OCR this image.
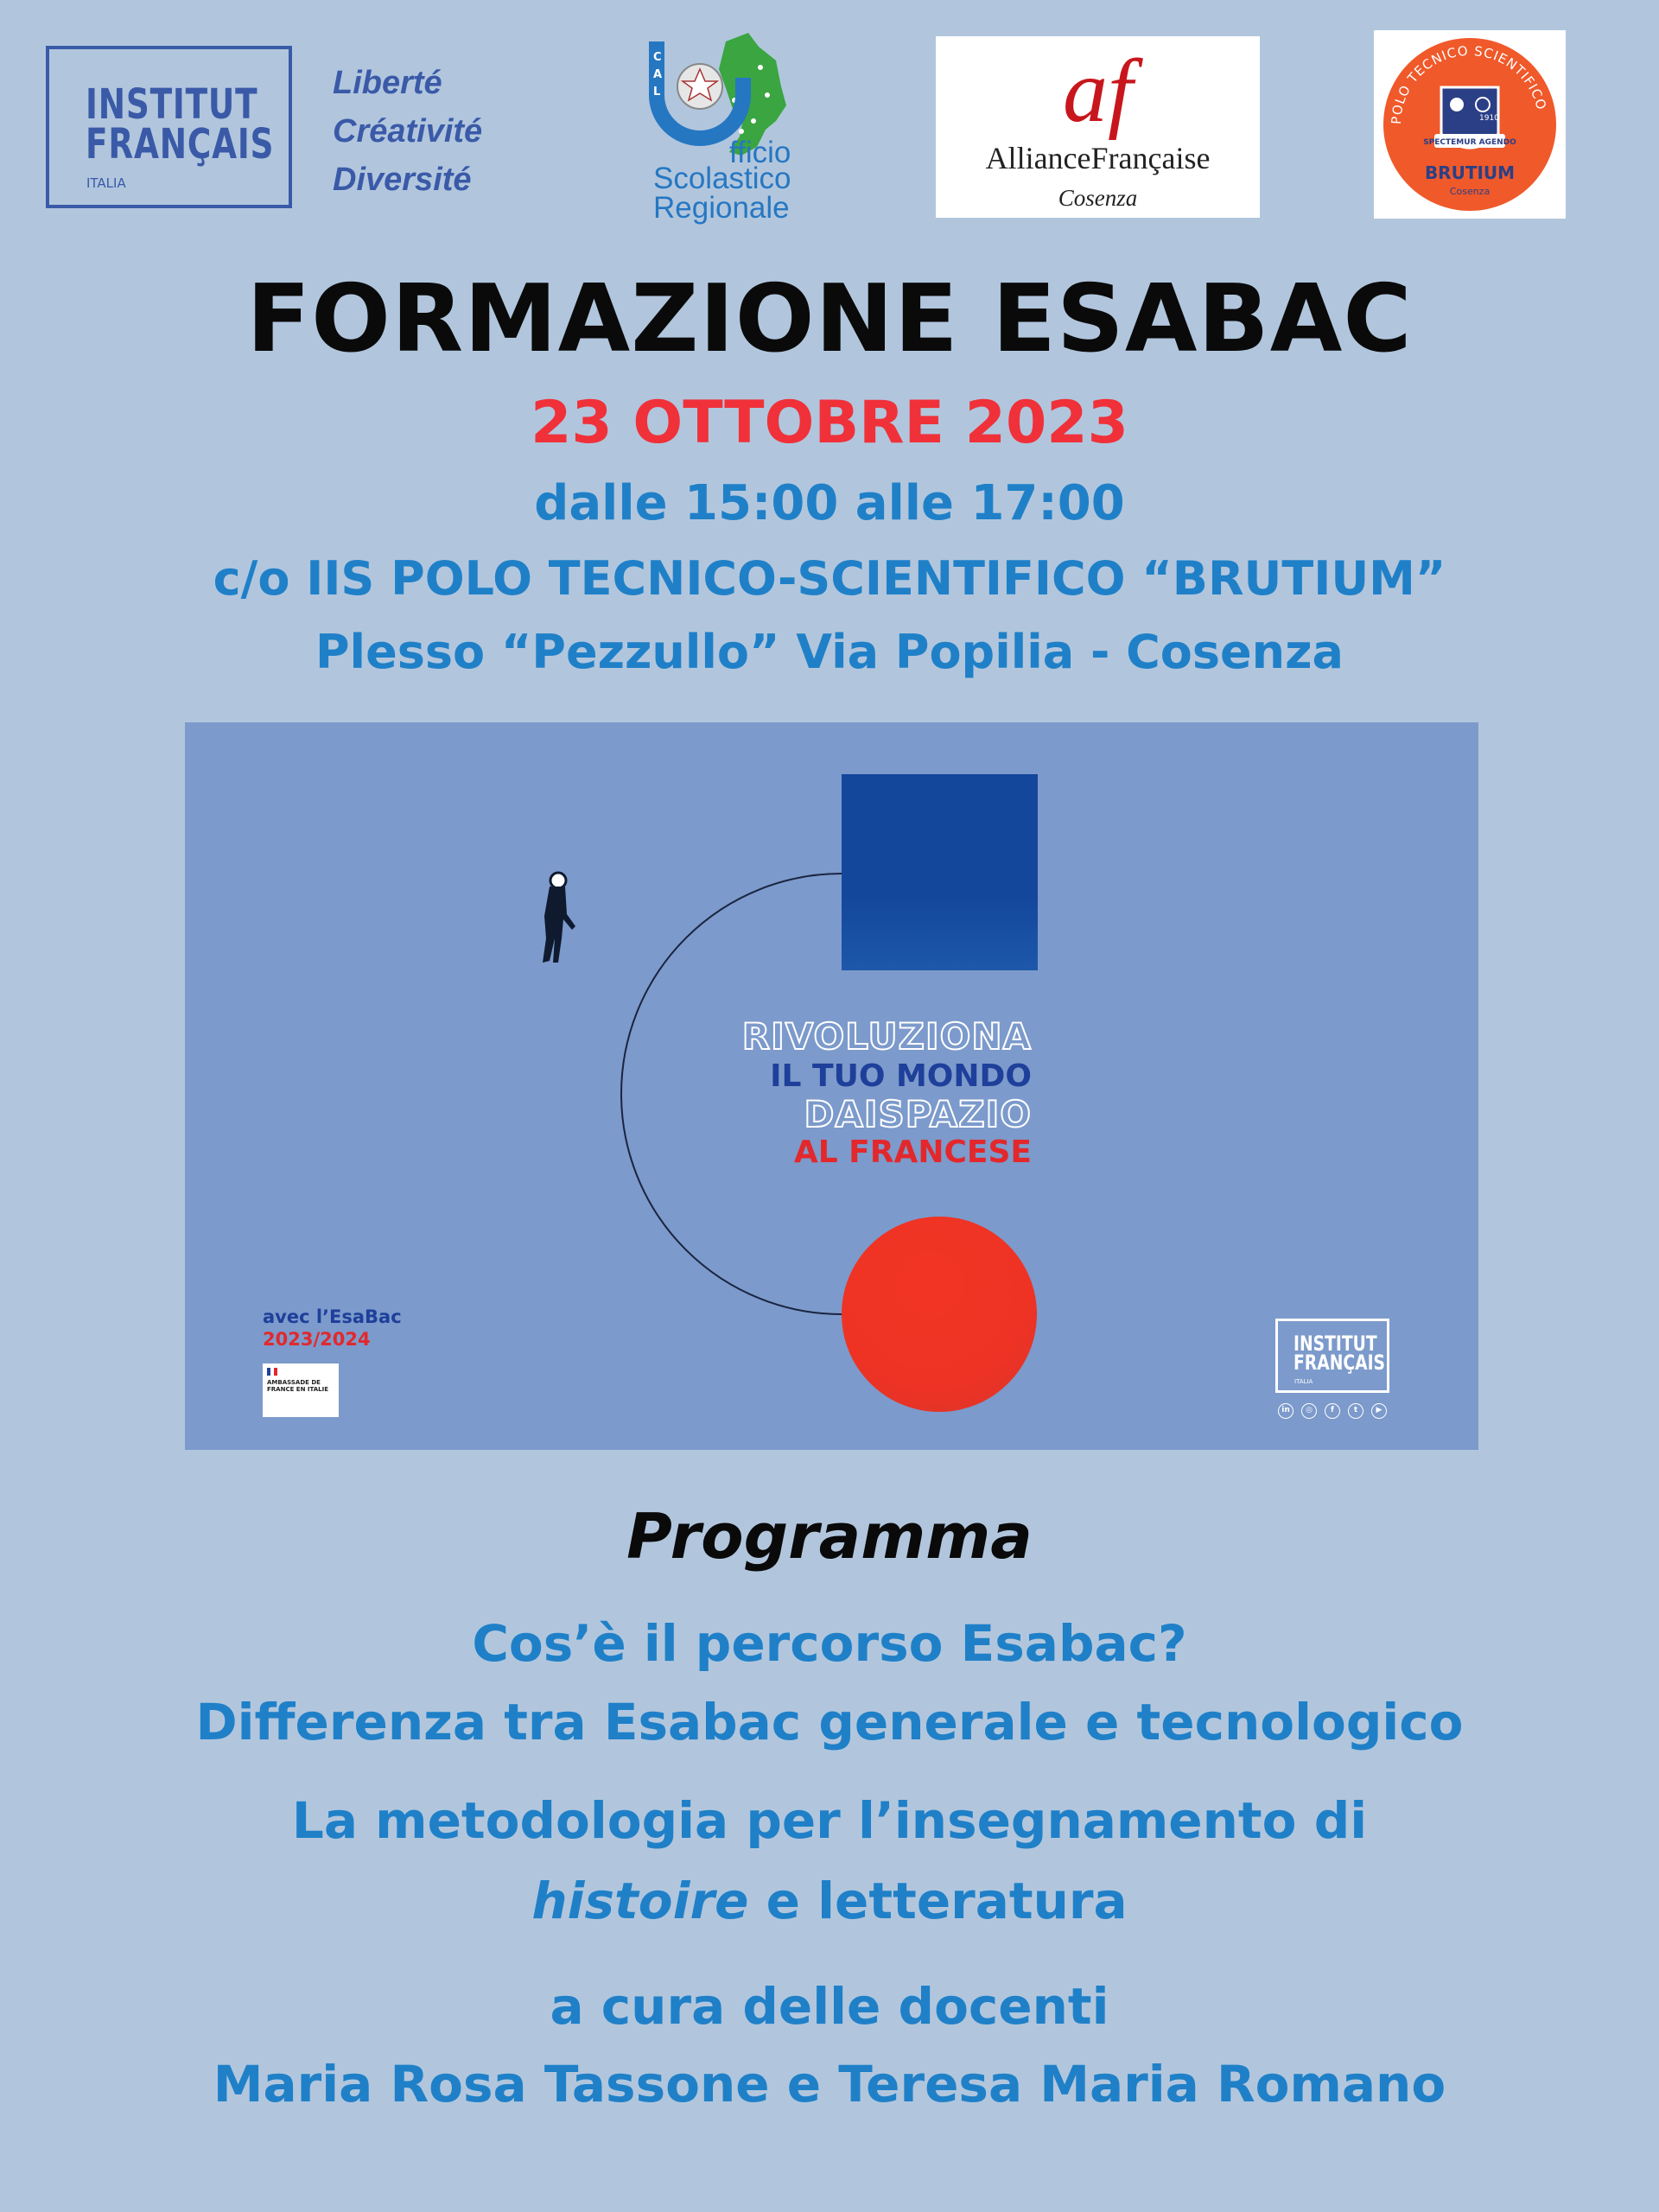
INSTITUT
FRANÇAIS
ITALIA
Liberté
Créativité
Diversité
C
A
L
fficio
Scolastico
Regionale
af
AllianceFrançaise
Cosenza
POLO TECNICO SCIENTIFICO
SPECTEMUR AGENDO
1910
BRUTIUM
Cosenza
FORMAZIONE ESABAC
23 OTTOBRE 2023
dalle 15:00 alle 17:00
c/o IIS POLO TECNICO-SCIENTIFICO “BRUTIUM”
Plesso “Pezzullo” Via Popilia - Cosenza
RIVOLUZIONA
IL TUO MONDO
DAISPAZIO
AL FRANCESE
avec l’EsaBac
2023/2024
AMBASSADE DE FRANCE EN ITALIE
INSTITUT
FRANÇAIS
ITALIA
in	◎	f	t	▶
Programma
Cos’è il percorso Esabac?
Differenza tra Esabac generale e tecnologico
La metodologia per l’insegnamento di
histoire e letteratura
a cura delle docenti
Maria Rosa Tassone e Teresa Maria Romano
